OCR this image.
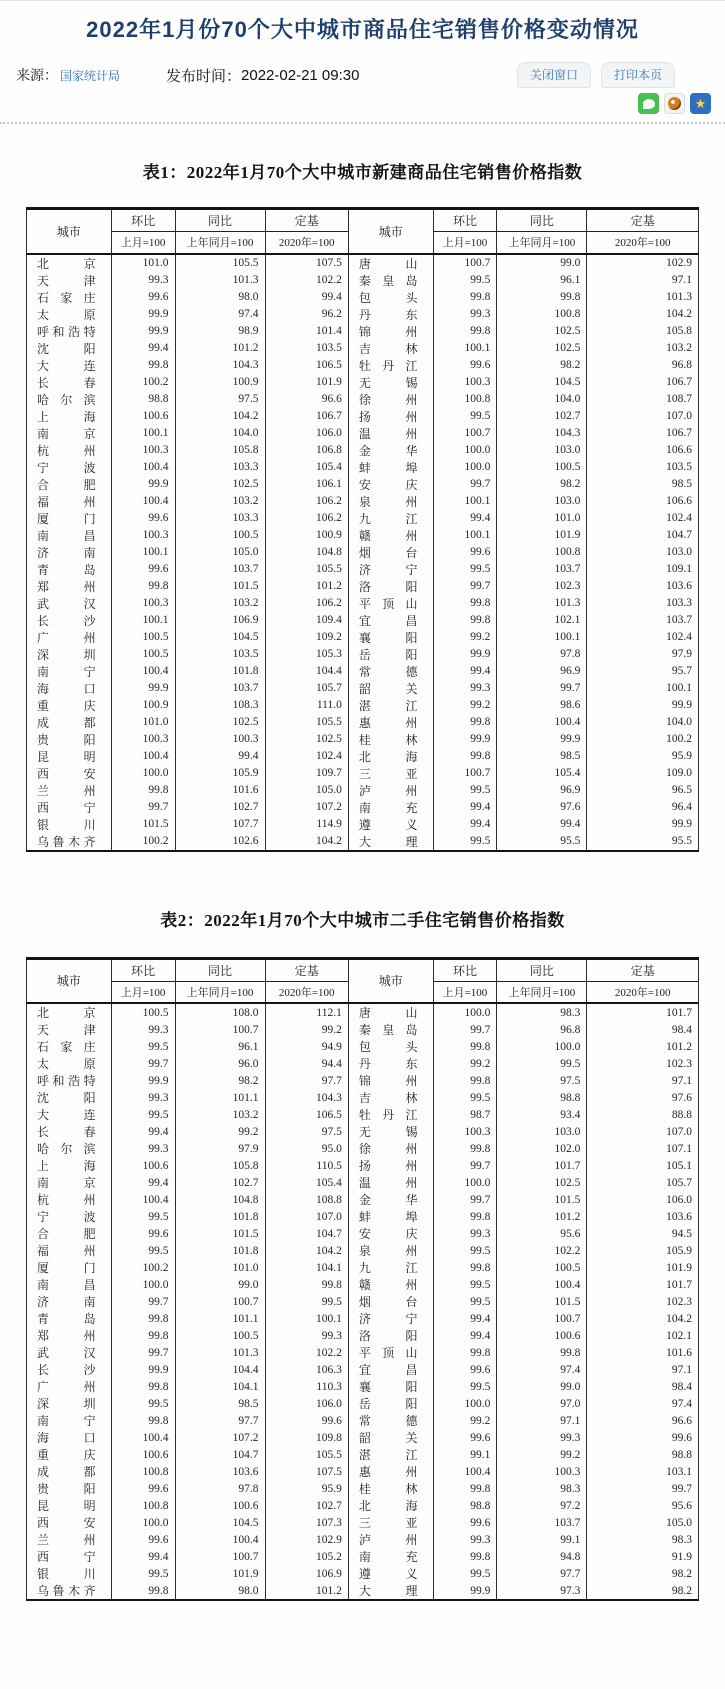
2022年1月份70个大中城市商品住宅销售价格变动情况
来源： 国家统计局	发布时间： 2022-02-21 09:30	关闭窗口	打印本页
★
表1：2022年1月70个大中城市新建商品住宅销售价格指数
城市	环比	同比	定基	城市	环比	同比	定基
	上月=100	上年同月=100	2020年=100		上月=100	上年同月=100	2020年=100
北京	101.0	105.5	107.5	唐山	100.7	99.0	102.9
天津	99.3	101.3	102.2	秦皇岛	99.5	96.1	97.1
石家庄	99.6	98.0	99.4	包头	99.8	99.8	101.3
太原	99.9	97.4	96.2	丹东	99.3	100.8	104.2
呼和浩特	99.9	98.9	101.4	锦州	99.8	102.5	105.8
沈阳	99.4	101.2	103.5	吉林	100.1	102.5	103.2
大连	99.8	104.3	106.5	牡丹江	99.6	98.2	96.8
长春	100.2	100.9	101.9	无锡	100.3	104.5	106.7
哈尔滨	98.8	97.5	96.6	徐州	100.8	104.0	108.7
上海	100.6	104.2	106.7	扬州	99.5	102.7	107.0
南京	100.1	104.0	106.0	温州	100.7	104.3	106.7
杭州	100.3	105.8	106.8	金华	100.0	103.0	106.6
宁波	100.4	103.3	105.4	蚌埠	100.0	100.5	103.5
合肥	99.9	102.5	106.1	安庆	99.7	98.2	98.5
福州	100.4	103.2	106.2	泉州	100.1	103.0	106.6
厦门	99.6	103.3	106.2	九江	99.4	101.0	102.4
南昌	100.3	100.5	100.9	赣州	100.1	101.9	104.7
济南	100.1	105.0	104.8	烟台	99.6	100.8	103.0
青岛	99.6	103.7	105.5	济宁	99.5	103.7	109.1
郑州	99.8	101.5	101.2	洛阳	99.7	102.3	103.6
武汉	100.3	103.2	106.2	平顶山	99.8	101.3	103.3
长沙	100.1	106.9	109.4	宜昌	99.8	102.1	103.7
广州	100.5	104.5	109.2	襄阳	99.2	100.1	102.4
深圳	100.5	103.5	105.3	岳阳	99.9	97.8	97.9
南宁	100.4	101.8	104.4	常德	99.4	96.9	95.7
海口	99.9	103.7	105.7	韶关	99.3	99.7	100.1
重庆	100.9	108.3	111.0	湛江	99.2	98.6	99.9
成都	101.0	102.5	105.5	惠州	99.8	100.4	104.0
贵阳	100.3	100.3	102.5	桂林	99.9	99.9	100.2
昆明	100.4	99.4	102.4	北海	99.8	98.5	95.9
西安	100.0	105.9	109.7	三亚	100.7	105.4	109.0
兰州	99.8	101.6	105.0	泸州	99.5	96.9	96.5
西宁	99.7	102.7	107.2	南充	99.4	97.6	96.4
银川	101.5	107.7	114.9	遵义	99.4	99.4	99.9
乌鲁木齐	100.2	102.6	104.2	大理	99.5	95.5	95.5
表2：2022年1月70个大中城市二手住宅销售价格指数
城市	环比	同比	定基	城市	环比	同比	定基
	上月=100	上年同月=100	2020年=100		上月=100	上年同月=100	2020年=100
北京	100.5	108.0	112.1	唐山	100.0	98.3	101.7
天津	99.3	100.7	99.2	秦皇岛	99.7	96.8	98.4
石家庄	99.5	96.1	94.9	包头	99.8	100.0	101.2
太原	99.7	96.0	94.4	丹东	99.2	99.5	102.3
呼和浩特	99.9	98.2	97.7	锦州	99.8	97.5	97.1
沈阳	99.3	101.1	104.3	吉林	99.5	98.8	97.6
大连	99.5	103.2	106.5	牡丹江	98.7	93.4	88.8
长春	99.4	99.2	97.5	无锡	100.3	103.0	107.0
哈尔滨	99.3	97.9	95.0	徐州	99.8	102.0	107.1
上海	100.6	105.8	110.5	扬州	99.7	101.7	105.1
南京	99.4	102.7	105.4	温州	100.0	102.5	105.7
杭州	100.4	104.8	108.8	金华	99.7	101.5	106.0
宁波	99.5	101.8	107.0	蚌埠	99.8	101.2	103.6
合肥	99.6	101.5	104.7	安庆	99.3	95.6	94.5
福州	99.5	101.8	104.2	泉州	99.5	102.2	105.9
厦门	100.2	101.0	104.1	九江	99.8	100.5	101.9
南昌	100.0	99.0	99.8	赣州	99.5	100.4	101.7
济南	99.7	100.7	99.5	烟台	99.5	101.5	102.3
青岛	99.8	101.1	100.1	济宁	99.4	100.7	104.2
郑州	99.8	100.5	99.3	洛阳	99.4	100.6	102.1
武汉	99.7	101.3	102.2	平顶山	99.8	99.8	101.6
长沙	99.9	104.4	106.3	宜昌	99.6	97.4	97.1
广州	99.8	104.1	110.3	襄阳	99.5	99.0	98.4
深圳	99.5	98.5	106.0	岳阳	100.0	97.0	97.4
南宁	99.8	97.7	99.6	常德	99.2	97.1	96.6
海口	100.4	107.2	109.8	韶关	99.6	99.3	99.6
重庆	100.6	104.7	105.5	湛江	99.1	99.2	98.8
成都	100.8	103.6	107.5	惠州	100.4	100.3	103.1
贵阳	99.6	97.8	95.9	桂林	99.8	98.3	99.7
昆明	100.8	100.6	102.7	北海	98.8	97.2	95.6
西安	100.0	104.5	107.3	三亚	99.6	103.7	105.0
兰州	99.6	100.4	102.9	泸州	99.3	99.1	98.3
西宁	99.4	100.7	105.2	南充	99.8	94.8	91.9
银川	99.5	101.9	106.9	遵义	99.5	97.7	98.2
乌鲁木齐	99.8	98.0	101.2	大理	99.9	97.3	98.2
